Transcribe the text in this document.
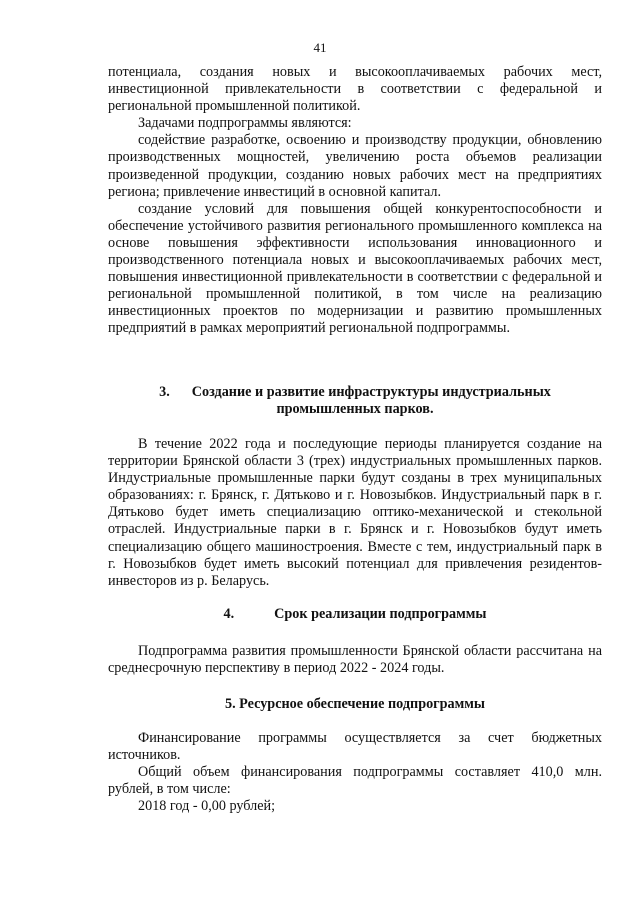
41

потенциала, создания новых и высокооплачиваемых рабочих мест, инвестиционной привлекательности в соответствии с федеральной и региональной промышленной политикой.

Задачами подпрограммы являются:

содействие разработке, освоению и производству продукции, обновлению производственных мощностей, увеличению роста объемов реализации произведенной продукции, созданию новых рабочих мест на предприятиях региона; привлечение инвестиций в основной капитал.

создание условий для повышения общей конкурентоспособности и обеспечение устойчивого развития регионального промышленного комплекса на основе повышения эффективности использования инновационного и производственного потенциала новых и высокооплачиваемых рабочих мест, повышения инвестиционной привлекательности в соответствии с федеральной и региональной промышленной политикой, в том числе на реализацию инвестиционных проектов по модернизации и развитию промышленных предприятий в рамках мероприятий региональной подпрограммы.

3. Создание и развитие инфраструктуры индустриальных
промышленных парков.

В течение 2022 года и последующие периоды планируется создание на территории Брянской области 3 (трех) индустриальных промышленных парков. Индустриальные промышленные парки будут созданы в трех муниципальных образованиях: г. Брянск, г. Дятьково и г. Новозыбков. Индустриальный парк в г. Дятьково будет иметь специализацию оптико-механической и стекольной отраслей. Индустриальные парки в г. Брянск и г. Новозыбков будут иметь специализацию общего машиностроения. Вместе с тем, индустриальный парк в г. Новозыбков будет иметь высокий потенциал для привлечения резидентов-инвесторов из р. Беларусь.

4.	Срок реализации подпрограммы

Подпрограмма развития промышленности Брянской области рассчитана на среднесрочную перспективу в период 2022 - 2024 годы.

5. Ресурсное обеспечение подпрограммы

Финансирование программы осуществляется за счет бюджетных источников.

Общий объем финансирования подпрограммы составляет 410,0 млн. рублей, в том числе:

2018 год - 0,00 рублей;
